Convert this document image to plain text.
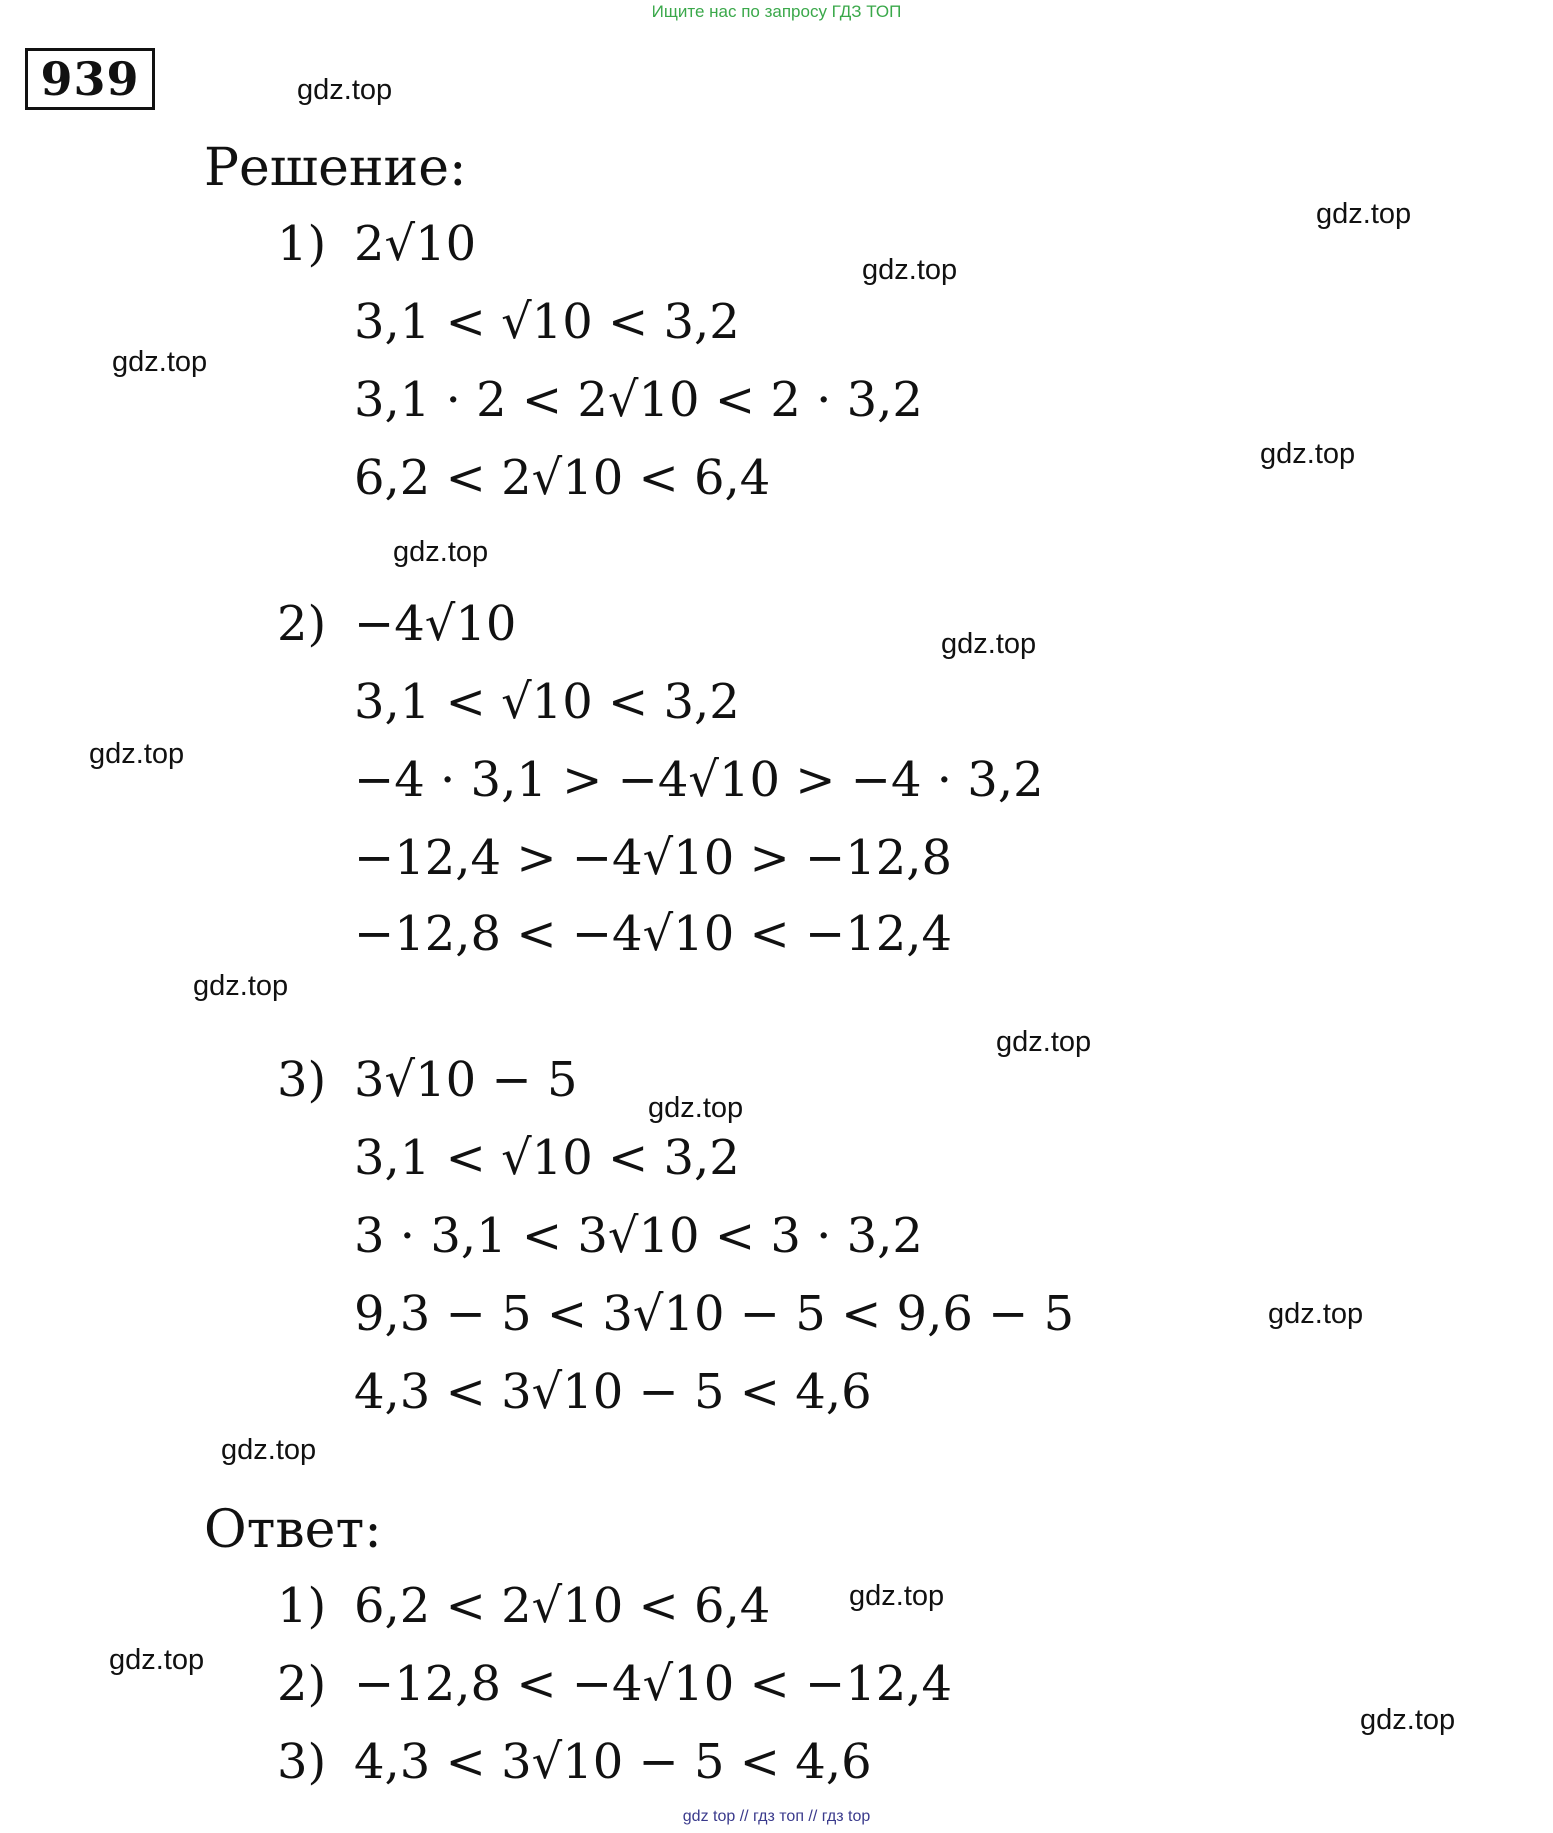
Ищите нас по запросу ГДЗ ТОП
939
Решение:
1) 2√10
3,1 < √10 < 3,2
3,1 · 2 < 2√10 < 2 · 3,2
6,2 < 2√10 < 6,4
2) −4√10
3,1 < √10 < 3,2
−4 · 3,1 > −4√10 > −4 · 3,2
−12,4 > −4√10 > −12,8
−12,8 < −4√10 < −12,4
3) 3√10 − 5
3,1 < √10 < 3,2
3 · 3,1 < 3√10 < 3 · 3,2
9,3 − 5 < 3√10 − 5 < 9,6 − 5
4,3 < 3√10 − 5 < 4,6
Ответ:
1) 6,2 < 2√10 < 6,4
2) −12,8 < −4√10 < −12,4
3) 4,3 < 3√10 − 5 < 4,6
gdz.top
gdz.top
gdz.top
gdz.top
gdz.top
gdz.top
gdz.top
gdz.top
gdz.top
gdz.top
gdz.top
gdz.top
gdz.top
gdz.top
gdz.top
gdz.top
gdz top // гдз топ // гдз top
